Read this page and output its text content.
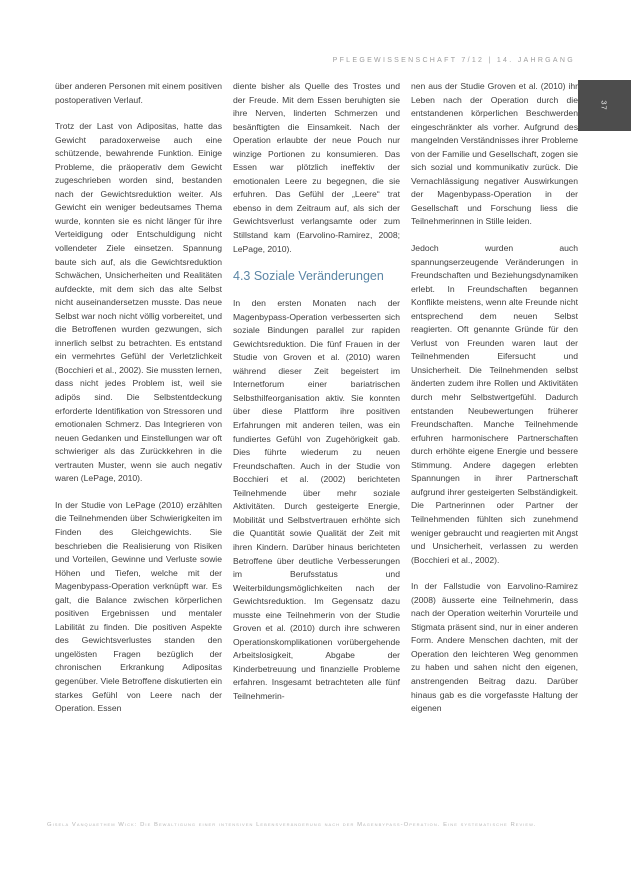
PFLEGEWISSENSCHAFT 7/12 | 14. JAHRGANG
37

über anderen Personen mit einem positiven postoperativen Verlauf.

Trotz der Last von Adipositas, hatte das Gewicht paradoxerweise auch eine schützende, bewahrende Funktion. Einige Probleme, die präoperativ dem Gewicht zugeschrieben worden sind, bestanden nach der Gewichtsreduktion weiter. Als Gewicht ein weniger bedeutsames Thema wurde, konnten sie es nicht länger für ihre Verteidigung oder Entschuldigung nicht vollendeter Ziele einsetzen. Spannung baute sich auf, als die Gewichtsreduktion Schwächen, Unsicherheiten und Realitäten aufdeckte, mit dem sich das alte Selbst nicht auseinandersetzen musste. Das neue Selbst war noch nicht völlig vorbereitet, und die Betroffenen wurden gezwungen, sich innerlich selbst zu betrachten. Es entstand ein vermehrtes Gefühl der Verletzlichkeit (Bocchieri et al., 2002). Sie mussten lernen, dass nicht jedes Problem ist, weil sie adipös sind. Die Selbstentdeckung erforderte Identifikation von Stressoren und emotionalen Schmerz. Das Integrieren von neuen Gedanken und Einstellungen war oft schwieriger als das Zurückkehren in die vertrauten Muster, wenn sie auch negativ waren (LePage, 2010).

In der Studie von LePage (2010) erzählten die Teilnehmenden über Schwierigkeiten im Finden des Gleichgewichts. Sie beschrieben die Realisierung von Risiken und Vorteilen, Gewinne und Verluste sowie Höhen und Tiefen, welche mit der Magenbypass-Operation verknüpft war. Es galt, die Balance zwischen körperlichen positiven Ergebnissen und mentaler Labilität zu finden. Die positiven Aspekte des Gewichtsverlustes standen den ungelösten Fragen bezüglich der chronischen Erkrankung Adipositas gegenüber. Viele Betroffene diskutierten ein starkes Gefühl von Leere nach der Operation. Essen

diente bisher als Quelle des Trostes und der Freude. Mit dem Essen beruhigten sie ihre Nerven, linderten Schmerzen und besänftigten die Einsamkeit. Nach der Operation erlaubte der neue Pouch nur winzige Portionen zu konsumieren. Das Essen war plötzlich ineffektiv der emotionalen Leere zu begegnen, die sie erfuhren. Das Gefühl der „Leere“ trat ebenso in dem Zeitraum auf, als sich der Gewichtsverlust verlangsamte oder zum Stillstand kam (Earvolino-Ramirez, 2008; LePage, 2010).

4.3 Soziale Veränderungen

In den ersten Monaten nach der Magenbypass-Operation verbesserten sich soziale Bindungen parallel zur rapiden Gewichtsreduktion. Die fünf Frauen in der Studie von Groven et al. (2010) waren während dieser Zeit begeistert im Internetforum einer bariatrischen Selbsthilfeorganisation aktiv. Sie konnten über diese Plattform ihre positiven Erfahrungen mit anderen teilen, was ein fundiertes Gefühl von Zugehörigkeit gab. Dies führte wiederum zu neuen Freundschaften. Auch in der Studie von Bocchieri et al. (2002) berichteten Teilnehmende über mehr soziale Aktivitäten. Durch gesteigerte Energie, Mobilität und Selbstvertrauen erhöhte sich die Quantität sowie Qualität der Zeit mit ihren Kindern. Darüber hinaus berichteten Betroffene über deutliche Verbesserungen im Berufsstatus und Weiterbildungsmöglichkeiten nach der Gewichtsreduktion. Im Gegensatz dazu musste eine Teilnehmerin von der Studie Groven et al. (2010) durch ihre schweren Operationskomplikationen vorübergehende Arbeitslosigkeit, Abgabe der Kinderbetreuung und finanzielle Probleme erfahren. Insgesamt betrachteten alle fünf Teilnehmerin-

nen aus der Studie Groven et al. (2010) ihr Leben nach der Operation durch die entstandenen körperlichen Beschwerden eingeschränkter als vorher. Aufgrund des mangelnden Verständnisses ihrer Probleme von der Familie und Gesellschaft, zogen sie sich sozial und kommunikativ zurück. Die Vernachlässigung negativer Auswirkungen der Magenbypass-Operation in der Gesellschaft und Forschung liess die Teilnehmerinnen in Stille leiden.

Jedoch wurden auch spannungserzeugende Veränderungen in Freundschaften und Beziehungsdynamiken erlebt. In Freundschaften begannen Konflikte meistens, wenn alte Freunde nicht entsprechend dem neuen Selbst reagierten. Oft genannte Gründe für den Verlust von Freunden waren laut der Teilnehmenden Eifersucht und Unsicherheit. Die Teilnehmenden selbst änderten zudem ihre Rollen und Aktivitäten durch mehr Selbstwertgefühl. Dadurch entstanden Neubewertungen früherer Freundschaften. Manche Teilnehmende erfuhren harmonischere Partnerschaften durch erhöhte eigene Energie und bessere Stimmung. Andere dagegen erlebten Spannungen in ihrer Partnerschaft aufgrund ihrer gesteigerten Selbständigkeit. Die Partnerinnen oder Partner der Teilnehmenden fühlten sich zunehmend weniger gebraucht und reagierten mit Angst und Unsicherheit, verlassen zu werden (Bocchieri et al., 2002).

In der Fallstudie von Earvolino-Ramirez (2008) äusserte eine Teilnehmerin, dass nach der Operation weiterhin Vorurteile und Stigmata präsent sind, nur in einer anderen Form. Andere Menschen dachten, mit der Operation den leichteren Weg genommen zu haben und sahen nicht den eigenen, anstrengenden Beitrag dazu. Darüber hinaus gab es die vorgefasste Haltung der eigenen

Gisela Vanquaethem Wick: Die Bewältigung einer intensiven Lebensveränderung nach der Magenbypass-Operation. Eine systematische Review.
